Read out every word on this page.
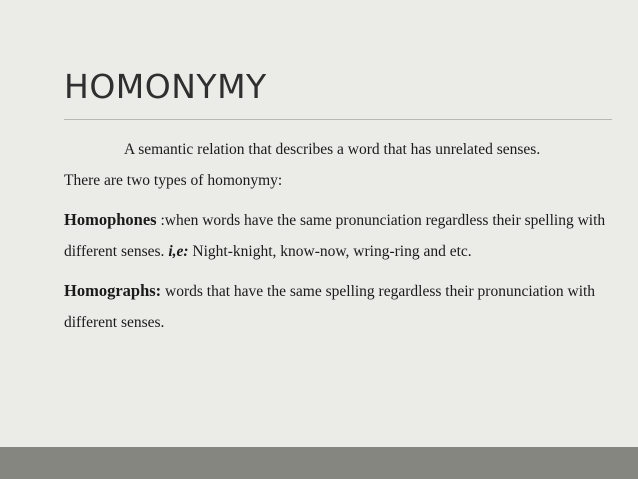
HOMONYMY

A semantic relation that describes a word that has unrelated senses.

There are two types of homonymy:

Homophones :when words have the same pronunciation regardless their spelling with different senses. i,e: Night-knight, know-now, wring-ring and etc.

Homographs: words that have the same spelling regardless their pronunciation with different senses.
